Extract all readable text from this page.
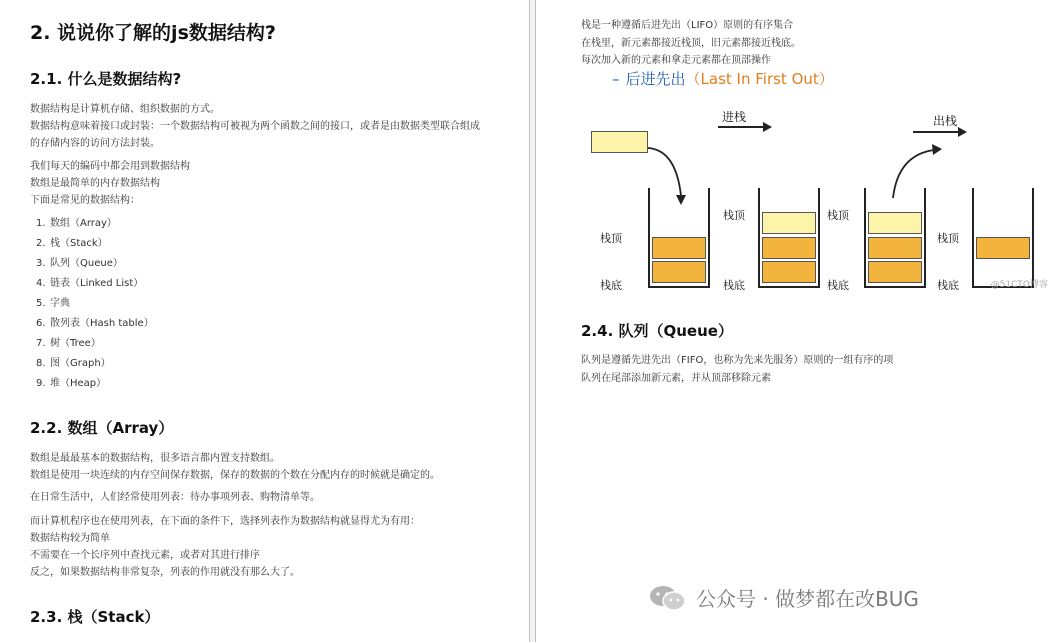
2. 说说你了解的js数据结构?
2.1. 什么是数据结构?

数据结构是计算机存储、组织数据的方式。

数据结构意味着接口或封装：一个数据结构可被视为两个函数之间的接口，或者是由数据类型联合组成

的存储内容的访问方法封装。

我们每天的编码中都会用到数据结构

数组是最简单的内存数据结构

下面是常见的数据结构：

1. 数组（Array）
2. 栈（Stack）
3. 队列（Queue）
4. 链表（Linked List）
5. 字典
6. 散列表（Hash table）
7. 树（Tree）
8. 图（Graph）
9. 堆（Heap）
2.2. 数组（Array）

数组是最最基本的数据结构，很多语言都内置支持数组。

数组是使用一块连续的内存空间保存数据，保存的数据的个数在分配内存的时候就是确定的。

在日常生活中，人们经常使用列表：待办事项列表、购物清单等。

而计算机程序也在使用列表，在下面的条件下，选择列表作为数据结构就显得尤为有用：

数据结构较为简单

不需要在一个长序列中查找元素，或者对其进行排序

反之，如果数据结构非常复杂，列表的作用就没有那么大了。

2.3. 栈（Stack）

栈是一种遵循后进先出（LIFO）原则的有序集合

在栈里，新元素都接近栈顶，旧元素都接近栈底。

每次加入新的元素和拿走元素都在顶部操作

– 后进先出（Last In First Out）
进栈	出栈
栈顶
栈底
栈顶
栈底
栈顶
栈底
栈顶
栈底	@51CTO博客
2.4. 队列（Queue）

队列是遵循先进先出（FIFO，也称为先来先服务）原则的一组有序的项

队列在尾部添加新元素，并从顶部移除元素

公众号 · 做梦都在改BUG
